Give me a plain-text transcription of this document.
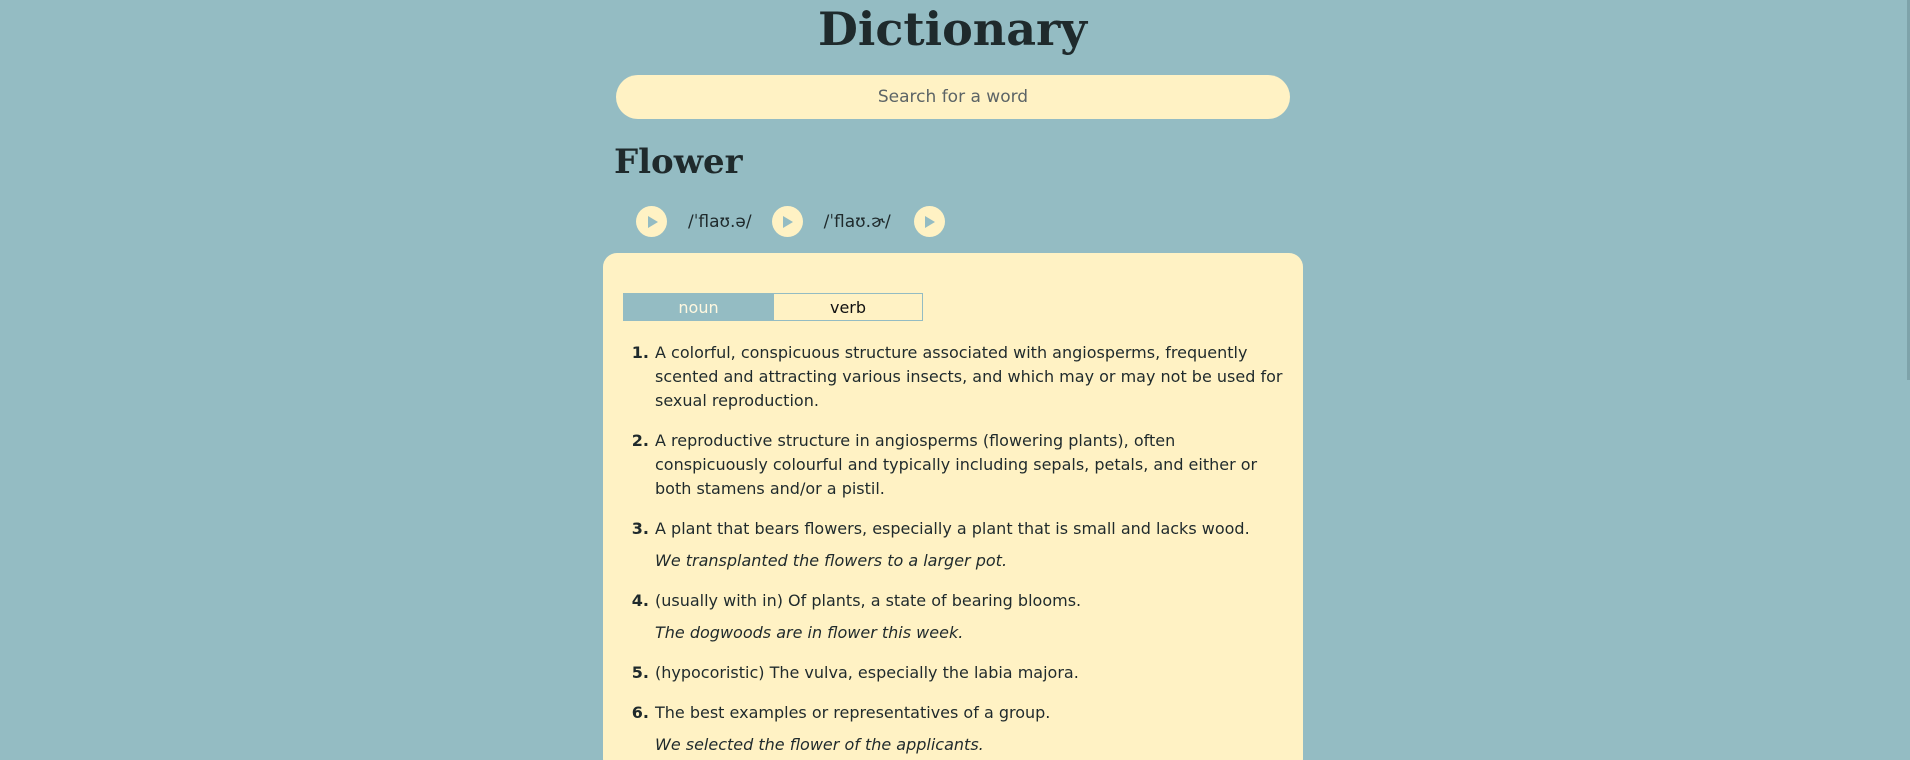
Dictionary
Search for a word
Flower
/ˈflaʊ.ə/	/ˈflaʊ.ɚ/
noun	verb
1. A colorful, conspicuous structure associated with angiosperms, frequently scented and attracting various insects, and which may or may not be used for sexual reproduction.

2. A reproductive structure in angiosperms (flowering plants), often conspicuously colourful and typically including sepals, petals, and either or both stamens and/or a pistil.

3. A plant that bears flowers, especially a plant that is small and lacks wood.

We transplanted the flowers to a larger pot.

4. (usually with in) Of plants, a state of bearing blooms.

The dogwoods are in flower this week.

5. (hypocoristic) The vulva, especially the labia majora.

6. The best examples or representatives of a group.

We selected the flower of the applicants.
